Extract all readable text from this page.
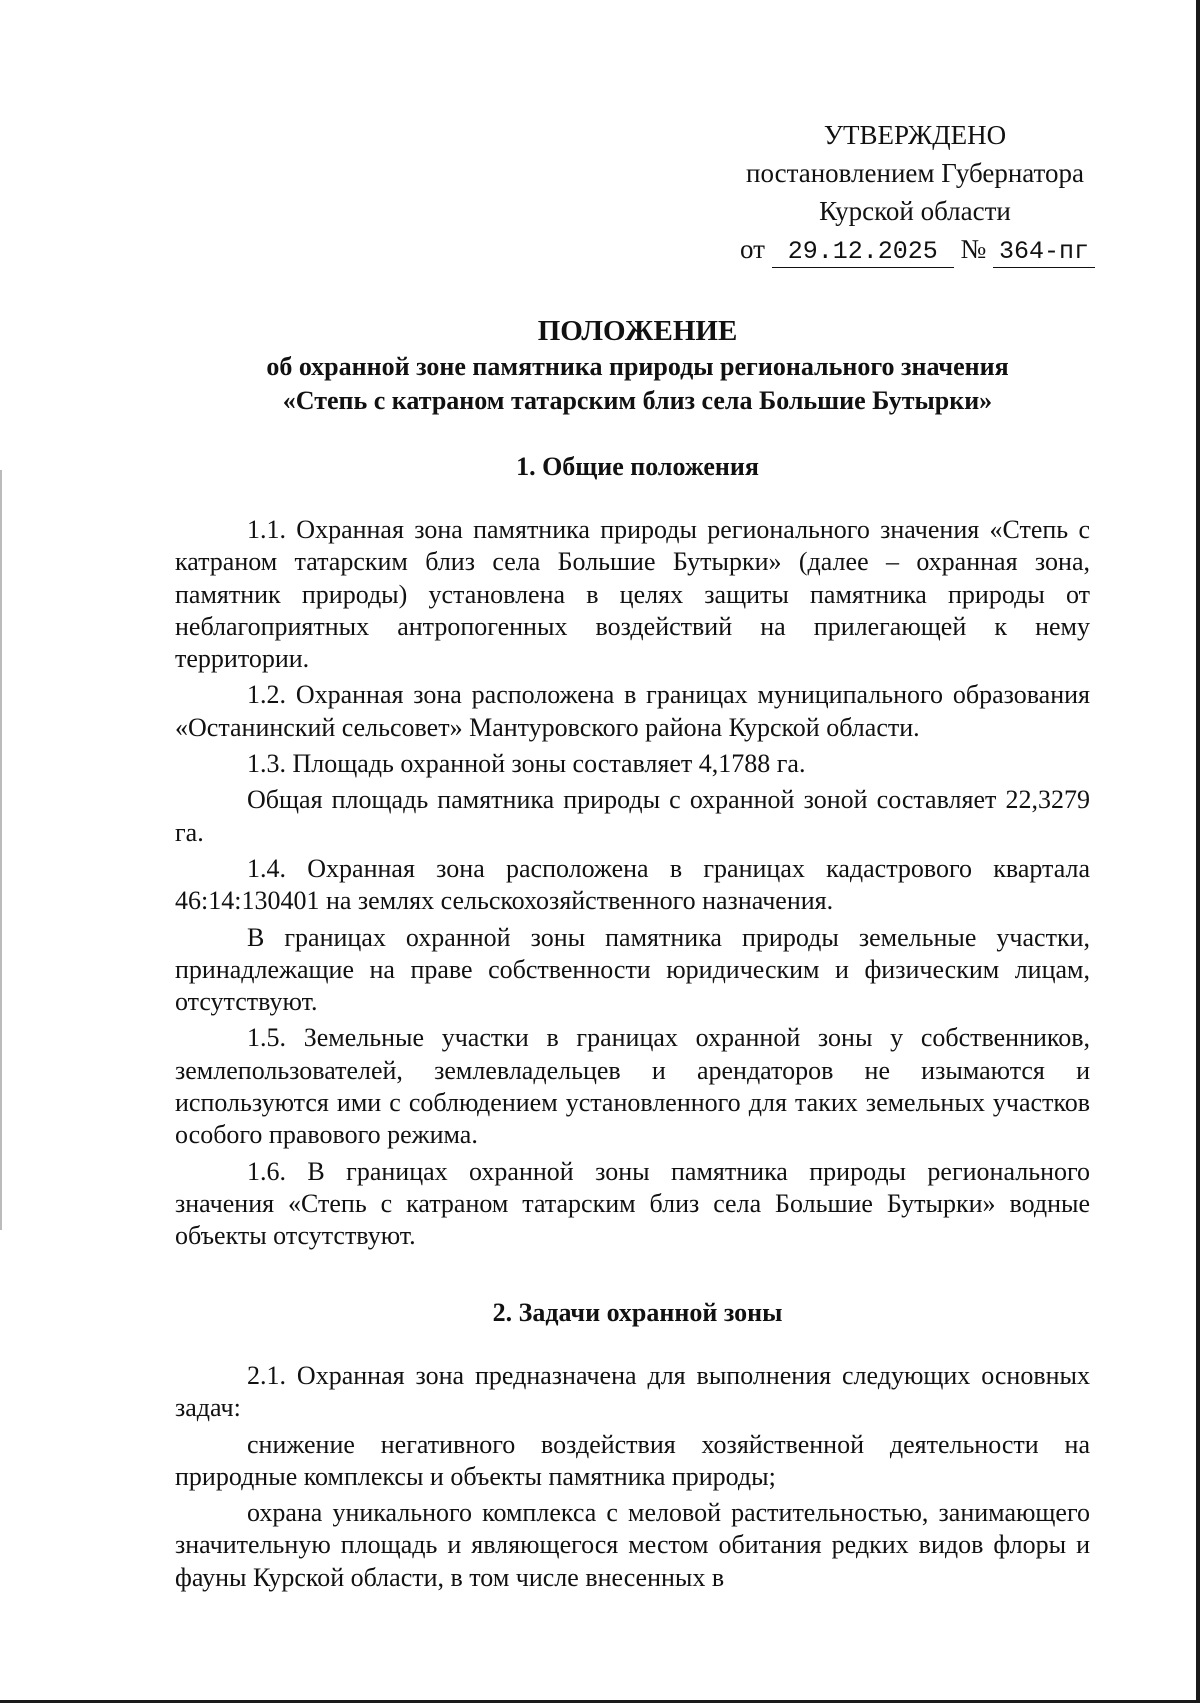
УТВЕРЖДЕНО
постановлением Губернатора
Курской области
от 29.12.2025 № 364-пг
ПОЛОЖЕНИЕ
об охранной зоне памятника природы регионального значения
«Степь с катраном татарским близ села Большие Бутырки»
1. Общие положения

1.1. Охранная зона памятника природы регионального значения «Степь с катраном татарским близ села Большие Бутырки» (далее – охранная зона, памятник природы) установлена в целях защиты памятника природы от неблагоприятных антропогенных воздействий на прилегающей к нему территории.

1.2. Охранная зона расположена в границах муниципального образования «Останинский сельсовет» Мантуровского района Курской области.

1.3. Площадь охранной зоны составляет 4,1788 га.

Общая площадь памятника природы с охранной зоной составляет 22,3279 га.

1.4. Охранная зона расположена в границах кадастрового квартала 46:14:130401 на землях сельскохозяйственного назначения.

В границах охранной зоны памятника природы земельные участки, принадлежащие на праве собственности юридическим и физическим лицам, отсутствуют.

1.5. Земельные участки в границах охранной зоны у собственников, землепользователей, землевладельцев и арендаторов не изымаются и используются ими с соблюдением установленного для таких земельных участков особого правового режима.

1.6. В границах охранной зоны памятника природы регионального значения «Степь с катраном татарским близ села Большие Бутырки» водные объекты отсутствуют.

2. Задачи охранной зоны

2.1. Охранная зона предназначена для выполнения следующих основных задач:

снижение негативного воздействия хозяйственной деятельности на природные комплексы и объекты памятника природы;

охрана уникального комплекса с меловой растительностью, занимающего значительную площадь и являющегося местом обитания редких видов флоры и фауны Курской области, в том числе внесенных в
